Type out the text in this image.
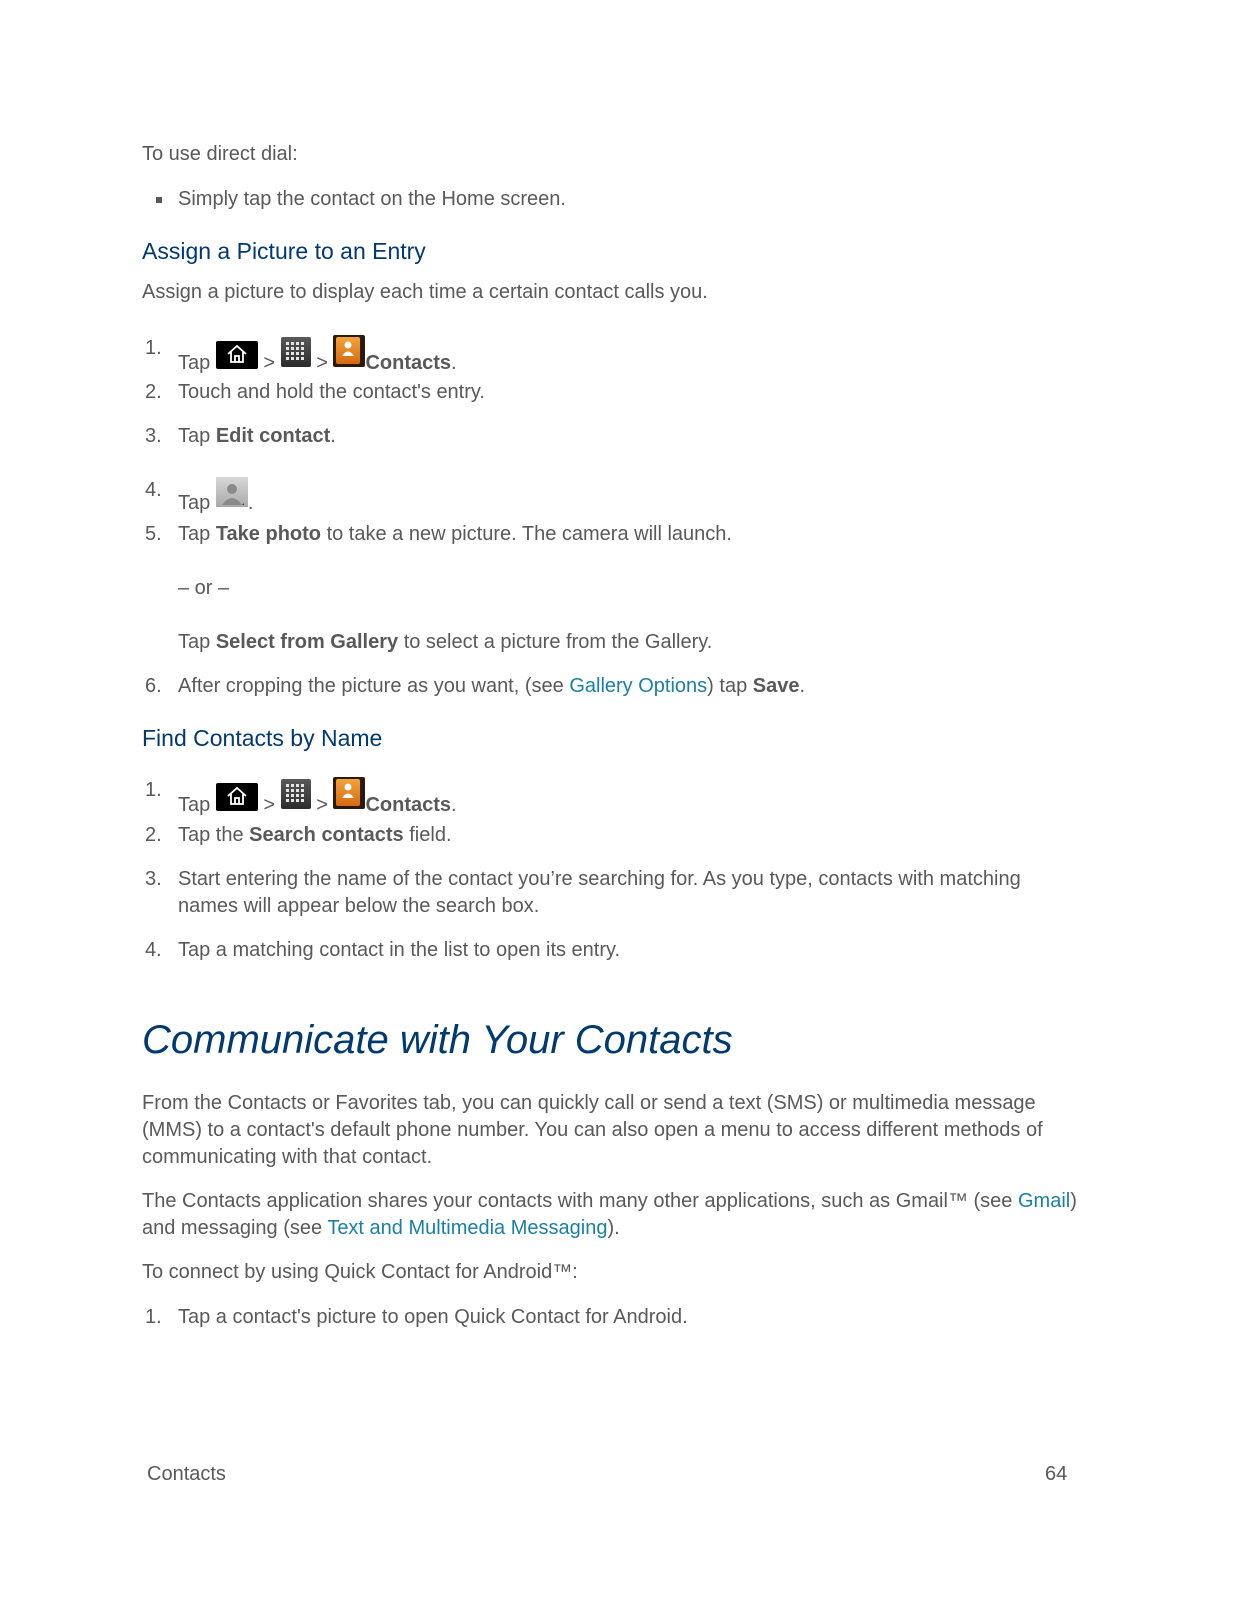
To use direct dial:

Simply tap the contact on the Home screen.
Assign a Picture to an Entry

Assign a picture to display each time a certain contact calls you.

1.
Tap	> > Contacts.
2. Touch and hold the contact's entry.
3. Tap Edit contact.
4.
Tap .
5. Tap Take photo to take a new picture. The camera will launch.
– or –
Tap Select from Gallery to select a picture from the Gallery.
6. After cropping the picture as you want, (see Gallery Options) tap Save.
Find Contacts by Name
1.
Tap	> > Contacts.
2. Tap the Search contacts field.
3. Start entering the name of the contact you’re searching for. As you type, contacts with matching names will appear below the search box.
4. Tap a matching contact in the list to open its entry.
Communicate with Your Contacts

From the Contacts or Favorites tab, you can quickly call or send a text (SMS) or multimedia message (MMS) to a contact's default phone number. You can also open a menu to access different methods of communicating with that contact.

The Contacts application shares your contacts with many other applications, such as Gmail™ (see Gmail) and messaging (see Text and Multimedia Messaging).

To connect by using Quick Contact for Android™:

1. Tap a contact's picture to open Quick Contact for Android.
Contacts	64
